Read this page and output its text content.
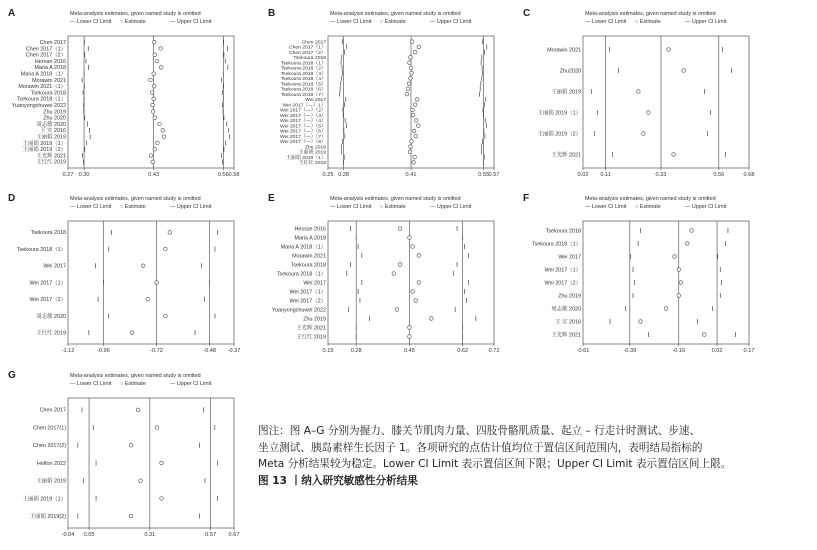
A	Meta-analysis estimates, given named study is omitted
— Lower CI Limit ○ Estimate	— Upper CI Limit
Chen 2017
Chen 2017（1）
Chen 2017（2）
Hernan 2016
Maria A 2018
Maria A 2018（1）
Morawin 2021
Morawin 2021（1）
Tsekoura 2018
Tsekoura 2018（1）
Yuanyongchuwei 2022
Zhu 2019
Zhu 2020
周志敏 2020
王 实 2016
王丽娟 2019
王丽娟 2019（1）
王丽娟 2019（2）
王光辉 2021
王红红 2019
0.27 0.30	0.43	0.56 0.58
B	Meta-analysis estimates, given named study is omitted
— Lower CI Limit ○ Estimate	— Upper CI Limit
Chen 2017
Chen 2017（1）
Chen 2017（2）
Tsekoura 2018
Tsekoura 2018（1）
Tsekoura 2018（2）
Tsekoura 2018（3）
Tsekoura 2018（4）
Tsekoura 2018（5）
Tsekoura 2018（6）
Tsekoura 2018（7）
Wei 2017
Wei 2017（—）1）
Wei 2017（—）（2）
Wei 2017（—）（3）
Wei 2017（—）（4）
Wei 2017（—）（5）
Wei 2017（—）（6）
Wei 2017（—）（7）
Wei 2017（—）（8）
Zhu 2019
王丽娟 2019
王丽娟 2019（1）
王红红 2019
0.25 0.28	0.41	0.55 0.57
C	Meta-analysis estimates, given named study is omitted
— Lower CI Limit ○ Estimate	— Upper CI Limit
Morawin 2021
Zhu2020
王丽娟 2019
王丽娟 2019（1）
王丽娟 2019（2）
王光辉 2021
0.02 0.11	0.33	0.56	0.68
D	Meta-analysis estimates, given named study is omitted
— Lower CI Limit ○ Estimate	— Upper CI Limit
Tsekoura 2018
Tsekoura 2018（1）
Wei 2017
Wei 2017（1）
Wei 2017（2）
周志敏 2020
王红红 2019
-1.12	-0.96	-0.72	-0.48 -0.37
E	Meta-analysis estimates, given named study is omitted
— Lower CI Limit ○ Estimate	— Upper CI Limit
Hessse 2016
Maria A 2018
Maria A 2018（1）
Morawin 2021
Tsekoura 2018
Tsekoura 2018（1）
Wei 2017
Wei 2017（1）
Wei 2017（2）
Yuanyongchuwei 2022
Zhu 2019
王光辉 2021
王红红 2019
0.19	0.28	0.45	0.62	0.72
F	Meta-analysis estimates, given named study is omitted
— Lower CI Limit ○ Estimate	— Upper CI Limit
Tsekoura 2018
Tsekoura 2018（1）
Wei 2017
Wei 2017（1）
Wei 2017（2）
Zhu 2019
周志敏 2020
王 实 2016
王光辉 2021
-0.61	-0.39	-0.16	0.02	0.17
G	Meta-analysis estimates, given named study is omitted
— Lower CI Limit ○ Estimate	— Upper CI Limit
Chen 2017
Chen 2017(1)
Chen 2017(2)
Helfon 2022
王丽娟 2019
王丽娟 2019（1）
王丽娟 2019(2)
-0.04 0.05	0.31	0.57 0.67
图注：图 A–G 分别为握力、膝关节肌肉力量、四肢骨骼肌质量、起立 – 行走计时测试、步速、
坐立测试、胰岛素样生长因子 1。各项研究的点估计值均位于置信区间范围内，表明结局指标的
Meta 分析结果较为稳定。Lower CI Limit 表示置信区间下限；Upper CI Limit 表示置信区间上限。
图 13 丨纳入研究敏感性分析结果
